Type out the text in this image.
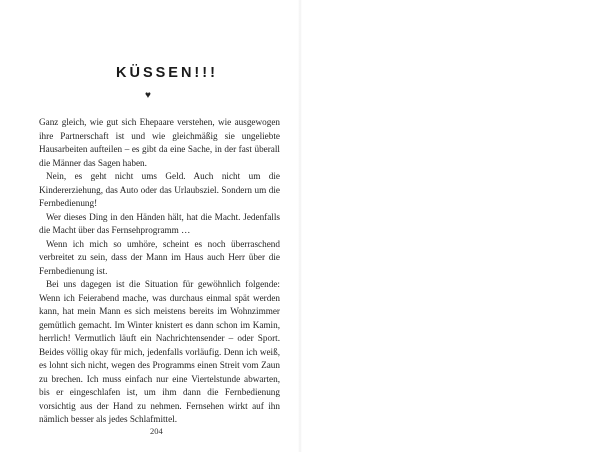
KÜSSEN!!!
♥

Ganz gleich, wie gut sich Ehepaare verstehen, wie ausgewogen ihre Partnerschaft ist und wie gleichmäßig sie ungeliebte Hausarbeiten aufteilen – es gibt da eine Sache, in der fast überall die Männer das Sagen haben.

Nein, es geht nicht ums Geld. Auch nicht um die Kindererziehung, das Auto oder das Urlaubsziel. Sondern um die Fernbedienung!

Wer dieses Ding in den Händen hält, hat die Macht. Jedenfalls die Macht über das Fernsehprogramm …

Wenn ich mich so umhöre, scheint es noch überraschend verbreitet zu sein, dass der Mann im Haus auch Herr über die Fernbedienung ist.

Bei uns dagegen ist die Situation für gewöhnlich folgende: Wenn ich Feierabend mache, was durchaus einmal spät werden kann, hat mein Mann es sich meistens bereits im Wohnzimmer gemütlich gemacht. Im Winter knistert es dann schon im Kamin, herrlich! Vermutlich läuft ein Nachrichtensender – oder Sport. Beides völlig okay für mich, jedenfalls vorläufig. Denn ich weiß, es lohnt sich nicht, wegen des Programms einen Streit vom Zaun zu brechen. Ich muss einfach nur eine Viertelstunde abwarten, bis er eingeschlafen ist, um ihm dann die Fernbedienung vorsichtig aus der Hand zu nehmen. Fernsehen wirkt auf ihn nämlich besser als jedes Schlafmittel.

204
